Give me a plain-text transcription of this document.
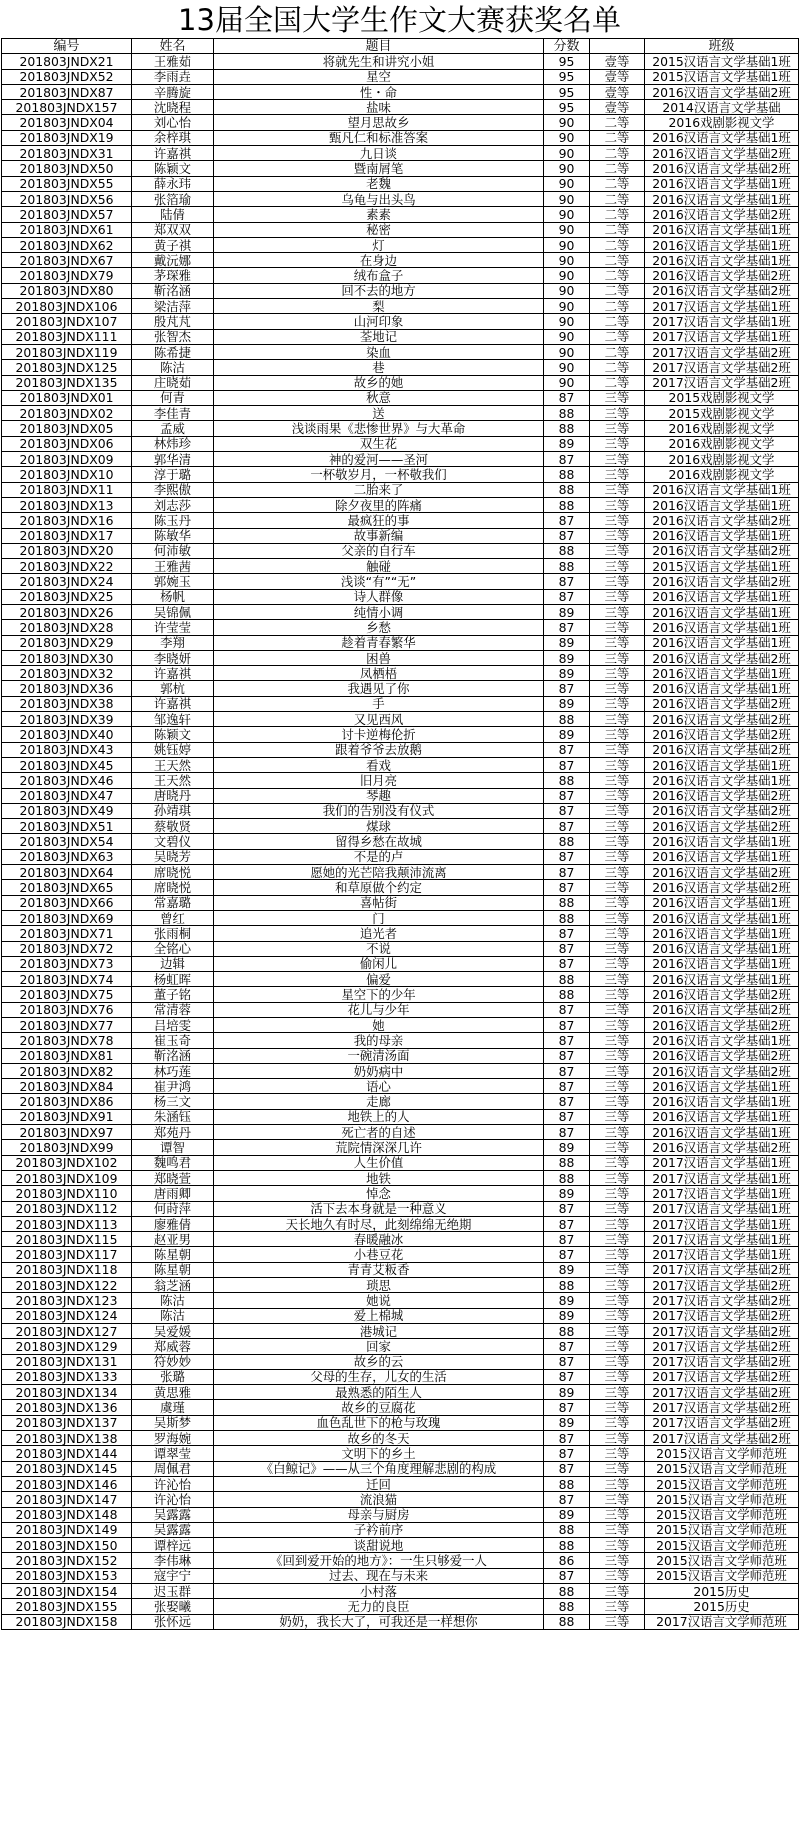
13届全国大学生作文大赛获奖名单
编号	姓名	题目	分数		班级
201803JNDX21	王雅茹	将就先生和讲究小姐	95	壹等	2015汉语言文学基础1班
201803JNDX52	李雨垚	星空	95	壹等	2015汉语言文学基础1班
201803JNDX87	辛腾旋	性・命	95	壹等	2016汉语言文学基础2班
201803JNDX157	沈晓程	盐味	95	壹等	2014汉语言文学基础
201803JNDX04	刘心怡	望月思故乡	90	二等	2016戏剧影视文学
201803JNDX19	余梓琪	甄凡仁和标准答案	90	二等	2016汉语言文学基础1班
201803JNDX31	许嘉祺	九日谈	90	二等	2016汉语言文学基础2班
201803JNDX50	陈颖文	暨南屑笔	90	二等	2016汉语言文学基础2班
201803JNDX55	薛永玮	老魏	90	二等	2016汉语言文学基础1班
201803JNDX56	张箔瑜	乌龟与出头鸟	90	二等	2016汉语言文学基础1班
201803JNDX57	陆倩	素素	90	二等	2016汉语言文学基础2班
201803JNDX61	郑双双	秘密	90	二等	2016汉语言文学基础1班
201803JNDX62	黄子祺	灯	90	二等	2016汉语言文学基础1班
201803JNDX67	戴沅娜	在身边	90	二等	2016汉语言文学基础1班
201803JNDX79	茅琛雅	绒布盒子	90	二等	2016汉语言文学基础2班
201803JNDX80	靳洺涵	回不去的地方	90	二等	2016汉语言文学基础2班
201803JNDX106	梁洁萍	梨	90	二等	2017汉语言文学基础1班
201803JNDX107	殷芃芃	山河印象	90	二等	2017汉语言文学基础1班
201803JNDX111	张智杰	荃地记	90	二等	2017汉语言文学基础1班
201803JNDX119	陈希捷	染血	90	二等	2017汉语言文学基础2班
201803JNDX125	陈沽	巷	90	二等	2017汉语言文学基础2班
201803JNDX135	庄晓茹	故乡的她	90	二等	2017汉语言文学基础2班
201803JNDX01	何青	秋意	87	三等	2015戏剧影视文学
201803JNDX02	李佳青	送	88	三等	2015戏剧影视文学
201803JNDX05	孟威	浅谈雨果《悲惨世界》与大革命	88	三等	2016戏剧影视文学
201803JNDX06	林炜珍	双生花	89	三等	2016戏剧影视文学
201803JNDX09	郭华清	神的爱河——圣河	87	三等	2016戏剧影视文学
201803JNDX10	淳于璐	一杯敬岁月，一杯敬我们	88	三等	2016戏剧影视文学
201803JNDX11	李熙傲	二胎来了	88	三等	2016汉语言文学基础1班
201803JNDX13	刘志莎	除夕夜里的阵痛	88	三等	2016汉语言文学基础1班
201803JNDX16	陈玉丹	最疯狂的事	87	三等	2016汉语言文学基础2班
201803JNDX17	陈敏华	故事新编	87	三等	2016汉语言文学基础1班
201803JNDX20	何沛敏	父亲的自行车	88	三等	2016汉语言文学基础2班
201803JNDX22	王雅茜	触碰	88	三等	2015汉语言文学基础1班
201803JNDX24	郭婉玉	浅谈“有”“无”	87	三等	2016汉语言文学基础2班
201803JNDX25	杨帆	诗人群像	87	三等	2016汉语言文学基础1班
201803JNDX26	吴锦佩	纯情小调	89	三等	2016汉语言文学基础1班
201803JNDX28	许莹莹	乡愁	87	三等	2016汉语言文学基础1班
201803JNDX29	李翔	趁着青春繁华	89	三等	2016汉语言文学基础1班
201803JNDX30	李晓妍	困兽	89	三等	2016汉语言文学基础2班
201803JNDX32	许嘉祺	凤栖梧	89	三等	2016汉语言文学基础1班
201803JNDX36	郭杭	我遇见了你	87	三等	2016汉语言文学基础1班
201803JNDX38	许嘉祺	手	89	三等	2016汉语言文学基础2班
201803JNDX39	邹逸轩	又见西风	88	三等	2016汉语言文学基础2班
201803JNDX40	陈颖文	讨卡逆梅伦折	89	三等	2016汉语言文学基础2班
201803JNDX43	姚钰婷	跟着爷爷去放鹅	87	三等	2016汉语言文学基础2班
201803JNDX45	王天然	看戏	87	三等	2016汉语言文学基础1班
201803JNDX46	王天然	旧月亮	88	三等	2016汉语言文学基础1班
201803JNDX47	唐晓丹	琴趣	87	三等	2016汉语言文学基础2班
201803JNDX49	孙靖琪	我们的告别没有仪式	87	三等	2016汉语言文学基础2班
201803JNDX51	蔡敬贤	煤球	87	三等	2016汉语言文学基础2班
201803JNDX54	文碧仪	留得乡愁在故城	88	三等	2016汉语言文学基础1班
201803JNDX63	吴晓芳	不是的卢	87	三等	2016汉语言文学基础1班
201803JNDX64	席晓悦	愿她的光芒陪我颠沛流离	87	三等	2016汉语言文学基础2班
201803JNDX65	席晓悦	和草原做个约定	87	三等	2016汉语言文学基础2班
201803JNDX66	常嘉璐	喜帖街	88	三等	2016汉语言文学基础1班
201803JNDX69	曾红	门	88	三等	2016汉语言文学基础1班
201803JNDX71	张雨桐	追光者	87	三等	2016汉语言文学基础1班
201803JNDX72	全铭心	不说	87	三等	2016汉语言文学基础1班
201803JNDX73	边辑	偷闲儿	87	三等	2016汉语言文学基础1班
201803JNDX74	杨虹晖	偏爱	88	三等	2016汉语言文学基础1班
201803JNDX75	董子铭	星空下的少年	88	三等	2016汉语言文学基础2班
201803JNDX76	常清蓉	花儿与少年	87	三等	2016汉语言文学基础2班
201803JNDX77	吕培雯	她	87	三等	2016汉语言文学基础2班
201803JNDX78	崔玉奇	我的母亲	87	三等	2016汉语言文学基础1班
201803JNDX81	靳洺涵	一碗清汤面	87	三等	2016汉语言文学基础2班
201803JNDX82	林巧莲	奶奶病中	87	三等	2016汉语言文学基础2班
201803JNDX84	崔尹鸿	语心	87	三等	2016汉语言文学基础1班
201803JNDX86	杨三文	走廊	87	三等	2016汉语言文学基础1班
201803JNDX91	朱涵钰	地铁上的人	87	三等	2016汉语言文学基础1班
201803JNDX97	郑苑丹	死亡者的自述	87	三等	2016汉语言文学基础1班
201803JNDX99	谭智	荒院情深深几许	89	三等	2016汉语言文学基础2班
201803JNDX102	魏鸣君	人生价值	88	三等	2017汉语言文学基础1班
201803JNDX109	郑晓萱	地铁	88	三等	2017汉语言文学基础1班
201803JNDX110	唐雨卿	悼念	89	三等	2017汉语言文学基础1班
201803JNDX112	何莳萍	活下去本身就是一种意义	87	三等	2017汉语言文学基础1班
201803JNDX113	廖雅倩	天长地久有时尽，此刻绵绵无绝期	87	三等	2017汉语言文学基础1班
201803JNDX115	赵亚男	春暖融冰	87	三等	2017汉语言文学基础1班
201803JNDX117	陈星朝	小巷豆花	87	三等	2017汉语言文学基础1班
201803JNDX118	陈星朝	青青艾粄香	89	三等	2017汉语言文学基础2班
201803JNDX122	翁芝涵	琐思	88	三等	2017汉语言文学基础2班
201803JNDX123	陈沽	她说	89	三等	2017汉语言文学基础2班
201803JNDX124	陈沽	爱上棉城	89	三等	2017汉语言文学基础2班
201803JNDX127	吴爱媛	港城记	88	三等	2017汉语言文学基础2班
201803JNDX129	郑威蓉	回家	87	三等	2017汉语言文学基础2班
201803JNDX131	符妙妙	故乡的云	87	三等	2017汉语言文学基础2班
201803JNDX133	张璐	父母的生存，儿女的生活	87	三等	2017汉语言文学基础2班
201803JNDX134	黄思雅	最熟悉的陌生人	89	三等	2017汉语言文学基础2班
201803JNDX136	虞瑾	故乡的豆腐花	87	三等	2017汉语言文学基础2班
201803JNDX137	吴斯梦	血色乱世下的枪与玫瑰	89	三等	2017汉语言文学基础2班
201803JNDX138	罗海婉	故乡的冬天	87	三等	2017汉语言文学基础2班
201803JNDX144	谭翠莹	文明下的乡土	87	三等	2015汉语言文学师范班
201803JNDX145	周佩君	《白鲸记》——从三个角度理解悲剧的构成	87	三等	2015汉语言文学师范班
201803JNDX146	许沁怡	迁回	88	三等	2015汉语言文学师范班
201803JNDX147	许沁怡	流浪猫	87	三等	2015汉语言文学师范班
201803JNDX148	吴露露	母亲与厨房	89	三等	2015汉语言文学师范班
201803JNDX149	吴露露	子衿前序	88	三等	2015汉语言文学师范班
201803JNDX150	谭梓远	谈甜说地	88	三等	2015汉语言文学师范班
201803JNDX152	李伟琳	《回到爱开始的地方》：一生只够爱一人	86	三等	2015汉语言文学师范班
201803JNDX153	寇宇宁	过去、现在与未来	87	三等	2015汉语言文学师范班
201803JNDX154	迟玉群	小村落	88	三等	2015历史
201803JNDX155	张娶曦	无力的良臣	88	三等	2015历史
201803JNDX158	张怀远	奶奶，我长大了，可我还是一样想你	88	三等	2017汉语言文学师范班
